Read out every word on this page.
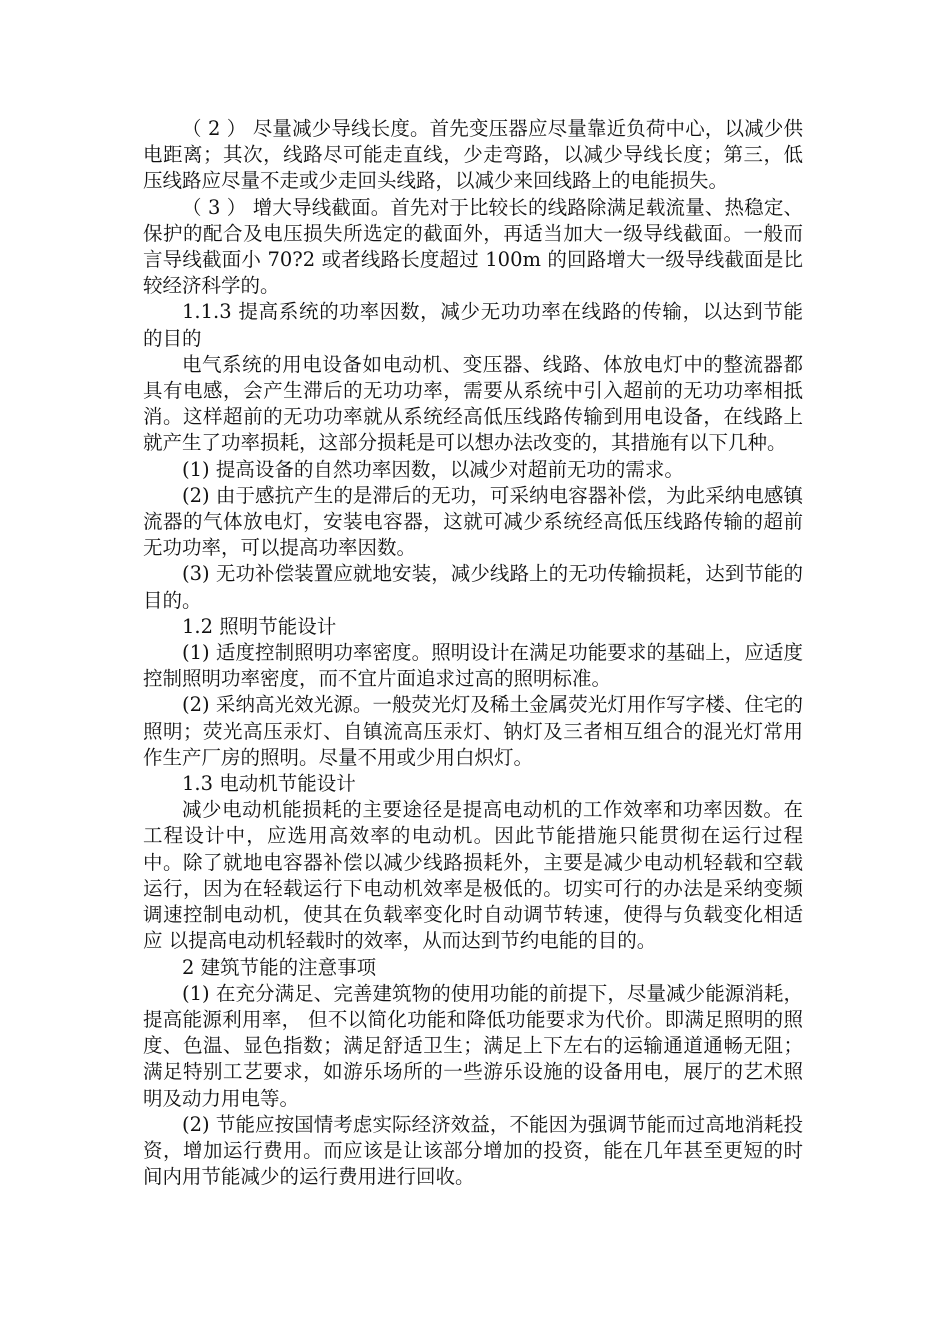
（ 2 ） 尽量减少导线长度。首先变压器应尽量靠近负荷中心，以减少供电距离；其次，线路尽可能走直线，少走弯路，以减少导线长度；第三，低压线路应尽量不走或少走回头线路，以减少来回线路上的电能损失。

（ 3 ） 增大导线截面。首先对于比较长的线路除满足载流量、热稳定、保护的配合及电压损失所选定的截面外，再适当加大一级导线截面。一般而言导线截面小 70?2 或者线路长度超过 100m 的回路增大一级导线截面是比较经济科学的。

1.1.3 提高系统的功率因数，减少无功功率在线路的传输，以达到节能的目的

电气系统的用电设备如电动机、变压器、线路、体放电灯中的整流器都具有电感，会产生滞后的无功功率，需要从系统中引入超前的无功功率相抵消。这样超前的无功功率就从系统经高低压线路传输到用电设备，在线路上就产生了功率损耗，这部分损耗是可以想办法改变的，其措施有以下几种。

(1) 提高设备的自然功率因数，以减少对超前无功的需求。

(2) 由于感抗产生的是滞后的无功，可采纳电容器补偿，为此采纳电感镇流器的气体放电灯，安装电容器，这就可减少系统经高低压线路传输的超前无功功率，可以提高功率因数。

(3) 无功补偿装置应就地安装，减少线路上的无功传输损耗，达到节能的目的。

1.2 照明节能设计

(1) 适度控制照明功率密度。照明设计在满足功能要求的基础上，应适度控制照明功率密度，而不宜片面追求过高的照明标准。

(2) 采纳高光效光源。一般荧光灯及稀土金属荧光灯用作写字楼、住宅的照明；荧光高压汞灯、自镇流高压汞灯、钠灯及三者相互组合的混光灯常用作生产厂房的照明。尽量不用或少用白炽灯。

1.3 电动机节能设计

减少电动机能损耗的主要途径是提高电动机的工作效率和功率因数。在工程设计中，应选用高效率的电动机。因此节能措施只能贯彻在运行过程中。除了就地电容器补偿以减少线路损耗外，主要是减少电动机轻载和空载运行，因为在轻载运行下电动机效率是极低的。切实可行的办法是采纳变频调速控制电动机，使其在负载率变化时自动调节转速，使得与负载变化相适应 以提高电动机轻载时的效率，从而达到节约电能的目的。

2 建筑节能的注意事项

(1) 在充分满足、完善建筑物的使用功能的前提下，尽量减少能源消耗，提高能源利用率， 但不以简化功能和降低功能要求为代价。即满足照明的照度、色温、显色指数；满足舒适卫生；满足上下左右的运输通道通畅无阻；满足特别工艺要求，如游乐场所的一些游乐设施的设备用电，展厅的艺术照明及动力用电等。

(2) 节能应按国情考虑实际经济效益，不能因为强调节能而过高地消耗投资，增加运行费用。而应该是让该部分增加的投资，能在几年甚至更短的时间内用节能减少的运行费用进行回收。
